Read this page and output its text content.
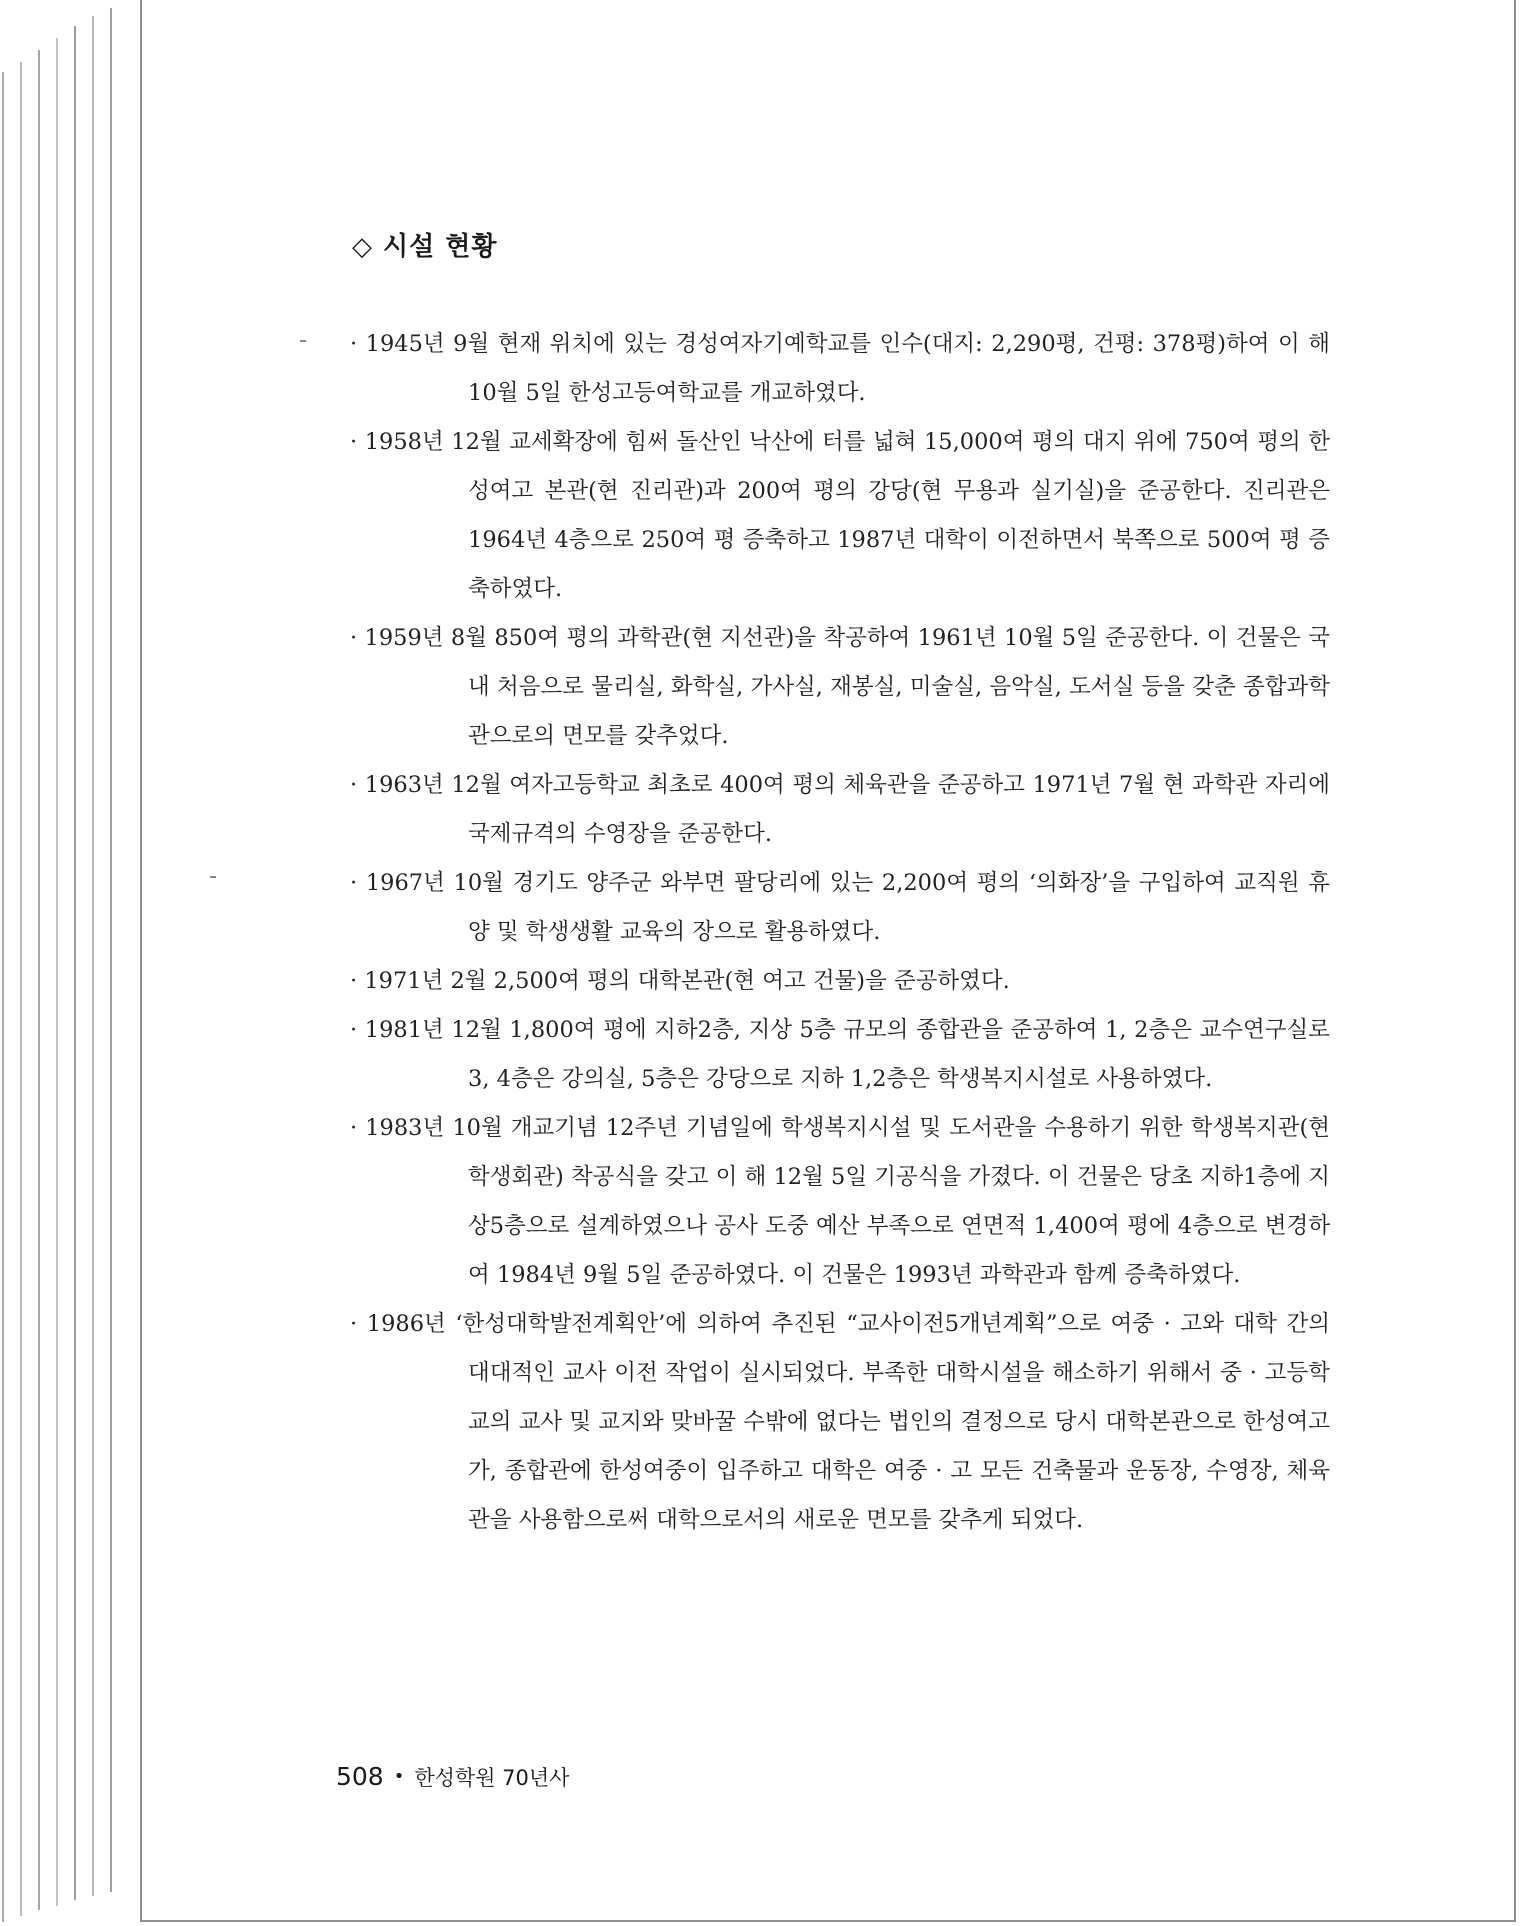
◇ 시설 현황

· 1945년 9월 현재 위치에 있는 경성여자기예학교를 인수(대지: 2,290평, 건평: 378평)하여 이 해 10월 5일 한성고등여학교를 개교하였다.

· 1958년 12월 교세확장에 힘써 돌산인 낙산에 터를 넓혀 15,000여 평의 대지 위에 750여 평의 한성여고 본관(현 진리관)과 200여 평의 강당(현 무용과 실기실)을 준공한다. 진리관은 1964년 4층으로 250여 평 증축하고 1987년 대학이 이전하면서 북쪽으로 500여 평 증축하였다.

· 1959년 8월 850여 평의 과학관(현 지선관)을 착공하여 1961년 10월 5일 준공한다. 이 건물은 국내 처음으로 물리실, 화학실, 가사실, 재봉실, 미술실, 음악실, 도서실 등을 갖춘 종합과학관으로의 면모를 갖추었다.

· 1963년 12월 여자고등학교 최초로 400여 평의 체육관을 준공하고 1971년 7월 현 과학관 자리에 국제규격의 수영장을 준공한다.

· 1967년 10월 경기도 양주군 와부면 팔당리에 있는 2,200여 평의 ‘의화장’을 구입하여 교직원 휴양 및 학생생활 교육의 장으로 활용하였다.

· 1971년 2월 2,500여 평의 대학본관(현 여고 건물)을 준공하였다.

· 1981년 12월 1,800여 평에 지하2층, 지상 5층 규모의 종합관을 준공하여 1, 2층은 교수연구실로 3, 4층은 강의실, 5층은 강당으로 지하 1,2층은 학생복지시설로 사용하였다.

· 1983년 10월 개교기념 12주년 기념일에 학생복지시설 및 도서관을 수용하기 위한 학생복지관(현 학생회관) 착공식을 갖고 이 해 12월 5일 기공식을 가졌다. 이 건물은 당초 지하1층에 지상5층으로 설계하였으나 공사 도중 예산 부족으로 연면적 1,400여 평에 4층으로 변경하여 1984년 9월 5일 준공하였다. 이 건물은 1993년 과학관과 함께 증축하였다.

· 1986년 ‘한성대학발전계획안’에 의하여 추진된 “교사이전5개년계획”으로 여중 · 고와 대학 간의 대대적인 교사 이전 작업이 실시되었다. 부족한 대학시설을 해소하기 위해서 중 · 고등학교의 교사 및 교지와 맞바꿀 수밖에 없다는 법인의 결정으로 당시 대학본관으로 한성여고가, 종합관에 한성여중이 입주하고 대학은 여중 · 고 모든 건축물과 운동장, 수영장, 체육관을 사용함으로써 대학으로서의 새로운 면모를 갖추게 되었다.

508 • 한성학원 70년사
